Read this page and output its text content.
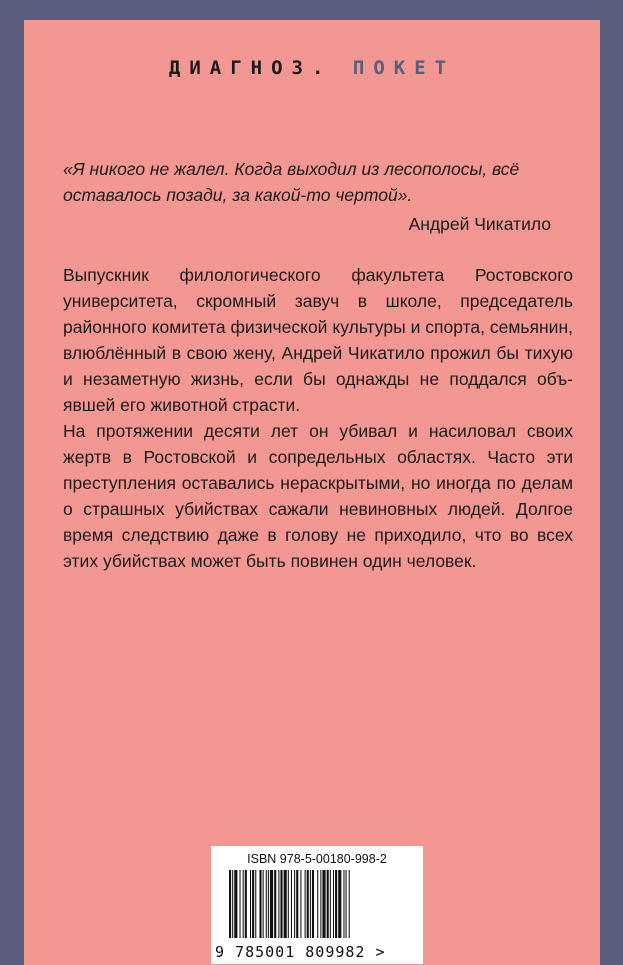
ДИАГНОЗ. ПОКЕТ
«Я никого не жалел. Когда выходил из лесополосы, всё оставалось позади, за какой-то чертой».
Андрей Чикатило

Выпускник филологического факультета Ростовского университета, скромный завуч в школе, председатель районного комитета физической культуры и спорта, семьянин, влюблённый в свою жену, Андрей Чикатило прожил бы тихую и незаметную жизнь, если бы однажды не поддался объявшей его животной страсти.

На протяжении десяти лет он убивал и насиловал своих жертв в Ростовской и сопредельных областях. Часто эти преступления оставались нераскрытыми, но иногда по делам о страшных убийствах сажали невиновных людей. Долгое время следствию даже в голову не приходило, что во всех этих убийствах может быть повинен один человек.

ISBN 978-5-00180-998-2
9 785001 809982 >
